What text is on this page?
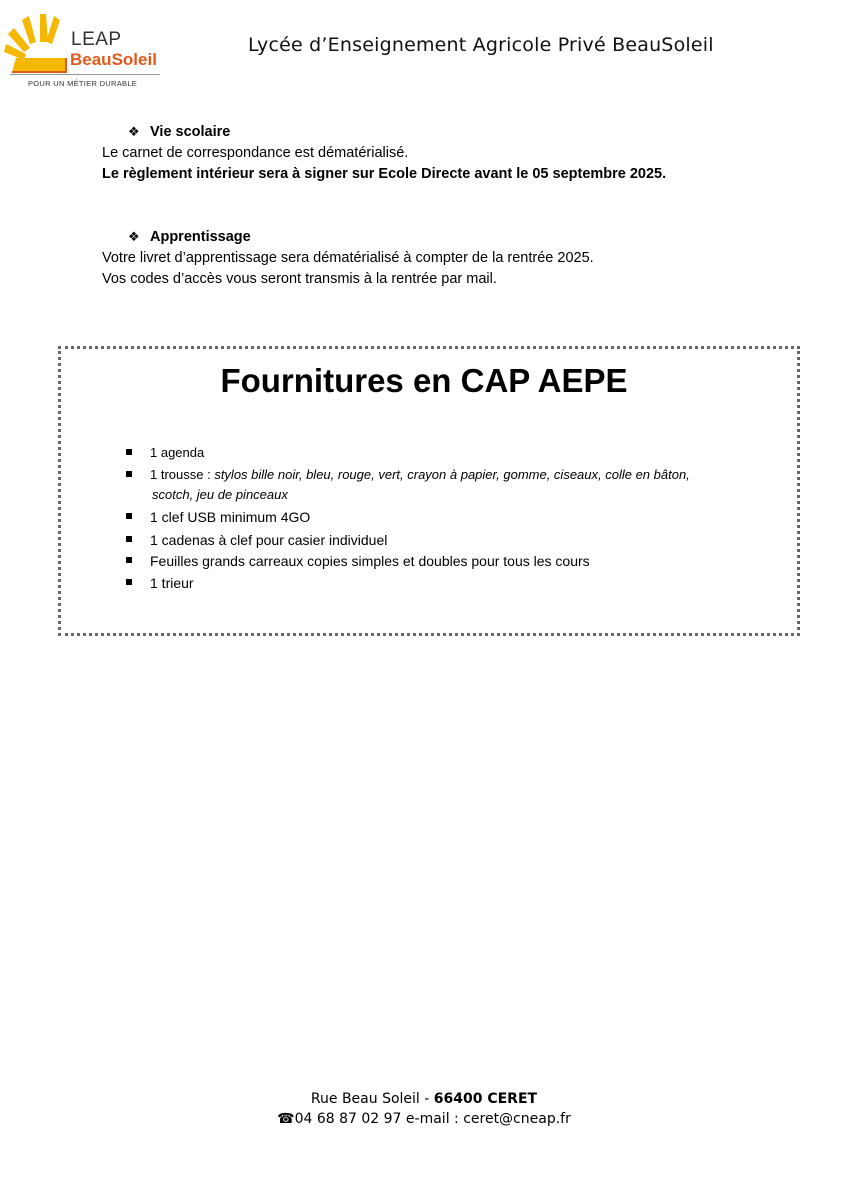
LEAP
BeauSoleil
POUR UN MÉTIER DURABLE
Lycée d’Enseignement Agricole Privé BeauSoleil
❖ Vie scolaire
Le carnet de correspondance est dématérialisé.
Le règlement intérieur sera à signer sur Ecole Directe avant le 05 septembre 2025.
❖ Apprentissage
Votre livret d’apprentissage sera dématérialisé à compter de la rentrée 2025.
Vos codes d’accès vous seront transmis à la rentrée par mail.
Fournitures en CAP AEPE
1 agenda
1 trousse : stylos bille noir, bleu, rouge, vert, crayon à papier, gomme, ciseaux, colle en bâton,
scotch, jeu de pinceaux
1 clef USB minimum 4GO
1 cadenas à clef pour casier individuel
Feuilles grands carreaux copies simples et doubles pour tous les cours
1 trieur
Rue Beau Soleil - 66400 CERET
☎04 68 87 02 97 e-mail : ceret@cneap.fr
